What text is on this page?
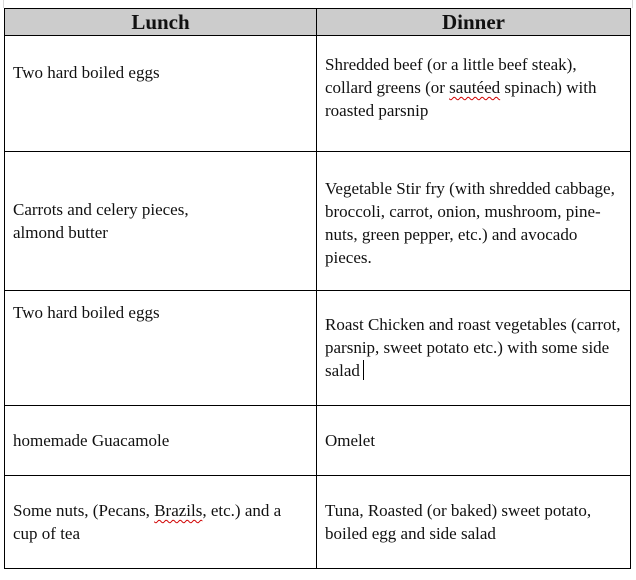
Lunch	Dinner

Two hard boiled eggs	Shredded beef (or a little beef steak), collard greens (or sautéed spinach) with roasted parsnip

Carrots and celery pieces, almond butter	Vegetable Stir fry (with shredded cabbage, broccoli, carrot, onion, mushroom, pine-nuts, green pepper, etc.) and avocado pieces.

Two hard boiled eggs	Roast Chicken and roast vegetables (carrot, parsnip, sweet potato etc.) with some side salad

homemade Guacamole	Omelet

Some nuts, (Pecans, Brazils, etc.) and a cup of tea	Tuna, Roasted (or baked) sweet potato, boiled egg and side salad
